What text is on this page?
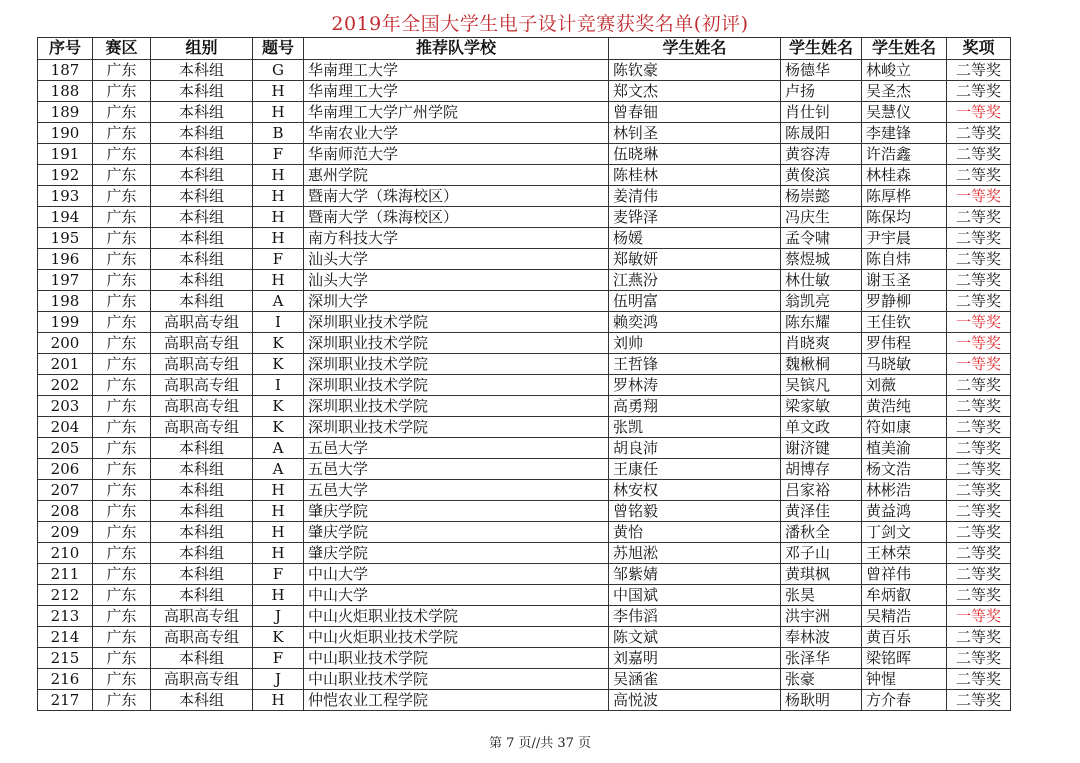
2019年全国大学生电子设计竞赛获奖名单(初评)
序号	赛区	组别	题号	推荐队学校	学生姓名	学生姓名	学生姓名	奖项
187	广东	本科组	G	华南理工大学	陈钦豪	杨德华	林峻立	二等奖
188	广东	本科组	H	华南理工大学	郑文杰	卢扬	吴圣杰	二等奖
189	广东	本科组	H	华南理工大学广州学院	曾春钿	肖仕钊	吴慧仪	一等奖
190	广东	本科组	B	华南农业大学	林钊圣	陈晟阳	李建锋	二等奖
191	广东	本科组	F	华南师范大学	伍晓琳	黄容涛	许浩鑫	二等奖
192	广东	本科组	H	惠州学院	陈桂林	黄俊滨	林桂森	二等奖
193	广东	本科组	H	暨南大学（珠海校区）	姜清伟	杨崇懿	陈厚桦	一等奖
194	广东	本科组	H	暨南大学（珠海校区）	麦铧泽	冯庆生	陈保均	二等奖
195	广东	本科组	H	南方科技大学	杨媛	孟令啸	尹宇晨	二等奖
196	广东	本科组	F	汕头大学	郑敏妍	蔡煜城	陈自炜	二等奖
197	广东	本科组	H	汕头大学	江燕汾	林仕敏	谢玉圣	二等奖
198	广东	本科组	A	深圳大学	伍明富	翁凯亮	罗静柳	二等奖
199	广东	高职高专组	I	深圳职业技术学院	赖奕鸿	陈东耀	王佳钦	一等奖
200	广东	高职高专组	K	深圳职业技术学院	刘帅	肖晓爽	罗伟程	一等奖
201	广东	高职高专组	K	深圳职业技术学院	王哲锋	魏楸桐	马晓敏	一等奖
202	广东	高职高专组	I	深圳职业技术学院	罗林涛	吴镔凡	刘薇	二等奖
203	广东	高职高专组	K	深圳职业技术学院	高勇翔	梁家敏	黄浩纯	二等奖
204	广东	高职高专组	K	深圳职业技术学院	张凯	单文政	符如康	二等奖
205	广东	本科组	A	五邑大学	胡良沛	谢济键	植美渝	二等奖
206	广东	本科组	A	五邑大学	王康任	胡博存	杨文浩	二等奖
207	广东	本科组	H	五邑大学	林安权	吕家裕	林彬浩	二等奖
208	广东	本科组	H	肇庆学院	曾铭毅	黄泽佳	黄益鸿	二等奖
209	广东	本科组	H	肇庆学院	黄怡	潘秋全	丁剑文	二等奖
210	广东	本科组	H	肇庆学院	苏旭淞	邓子山	王林荣	二等奖
211	广东	本科组	F	中山大学	邹紫婧	黄琪枫	曾祥伟	二等奖
212	广东	本科组	H	中山大学	中国斌	张昊	牟炳叡	二等奖
213	广东	高职高专组	J	中山火炬职业技术学院	李伟滔	洪宇洲	吴精浩	一等奖
214	广东	高职高专组	K	中山火炬职业技术学院	陈文斌	奉林波	黄百乐	二等奖
215	广东	本科组	F	中山职业技术学院	刘嘉明	张泽华	梁铭晖	二等奖
216	广东	高职高专组	J	中山职业技术学院	吴涵雀	张豪	钟惺	二等奖
217	广东	本科组	H	仲恺农业工程学院	高悦波	杨耿明	方介春	二等奖
第 7 页//共 37 页
